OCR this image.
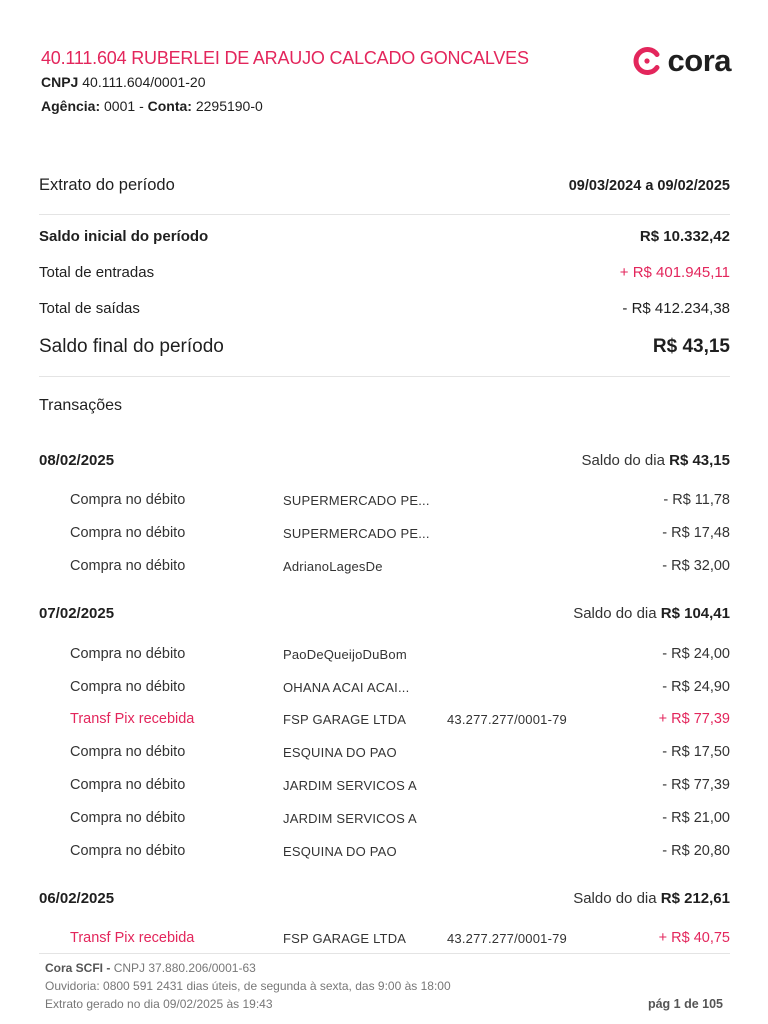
40.111.604 RUBERLEI DE ARAUJO CALCADO GONCALVES
CNPJ 40.111.604/0001-20
Agência: 0001 - Conta: 2295190-0
cora
Extrato do período	09/03/2024 a 09/02/2025
Saldo inicial do período	R$ 10.332,42
Total de entradas	+ R$ 401.945,11
Total de saídas	- R$ 412.234,38
Saldo final do período	R$ 43,15
Transações
08/02/2025	Saldo do dia R$ 43,15
Compra no débito	SUPERMERCADO PE...	- R$ 11,78
Compra no débito	SUPERMERCADO PE...	- R$ 17,48
Compra no débito	AdrianoLagesDe	- R$ 32,00
07/02/2025	Saldo do dia R$ 104,41
Compra no débito	PaoDeQueijoDuBom	- R$ 24,00
Compra no débito	OHANA ACAI ACAI...	- R$ 24,90
Transf Pix recebida	FSP GARAGE LTDA	43.277.277/0001-79	+ R$ 77,39
Compra no débito	ESQUINA DO PAO	- R$ 17,50
Compra no débito	JARDIM SERVICOS A	- R$ 77,39
Compra no débito	JARDIM SERVICOS A	- R$ 21,00
Compra no débito	ESQUINA DO PAO	- R$ 20,80
06/02/2025	Saldo do dia R$ 212,61
Transf Pix recebida	FSP GARAGE LTDA	43.277.277/0001-79	+ R$ 40,75
Cora SCFI - CNPJ 37.880.206/0001-63
Ouvidoria: 0800 591 2431 dias úteis, de segunda à sexta, das 9:00 às 18:00
Extrato gerado no dia 09/02/2025 às 19:43	pág 1 de 105
